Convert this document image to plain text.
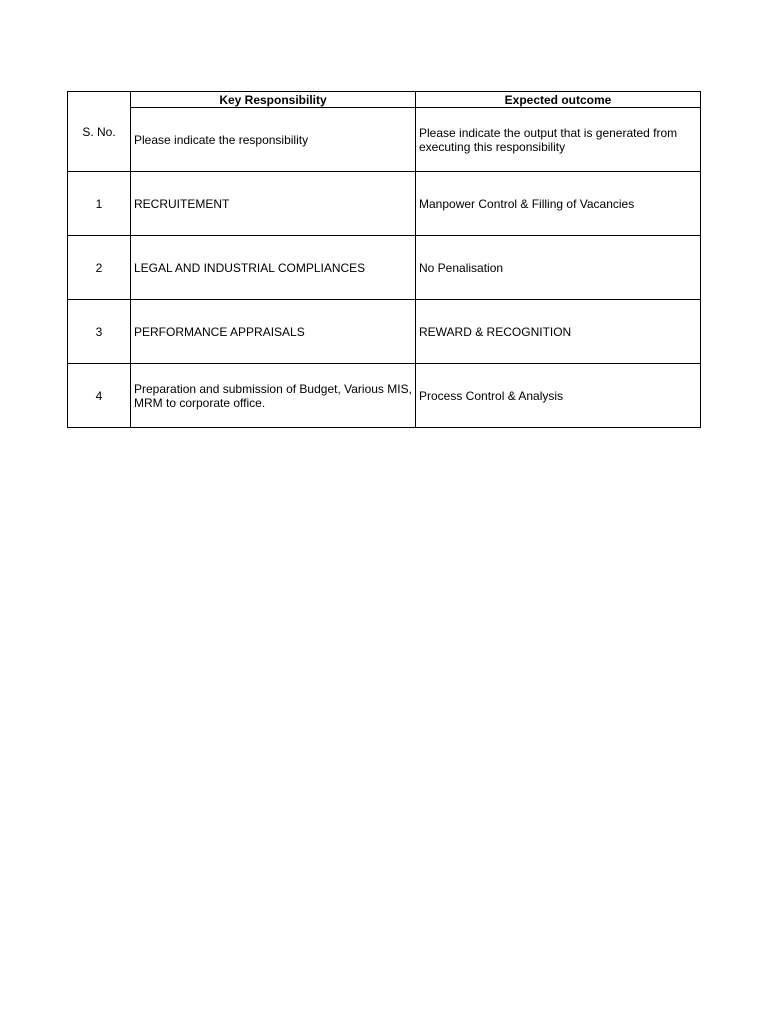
S. No.	Key Responsibility	Expected outcome
	Please indicate the responsibility	Please indicate the output that is generated from executing this responsibility
1	RECRUITEMENT	Manpower Control & Filling of Vacancies
2	LEGAL AND INDUSTRIAL COMPLIANCES	No Penalisation
3	PERFORMANCE APPRAISALS	REWARD & RECOGNITION
4	Preparation and submission of Budget, Various MIS, MRM to corporate office.	Process Control & Analysis
